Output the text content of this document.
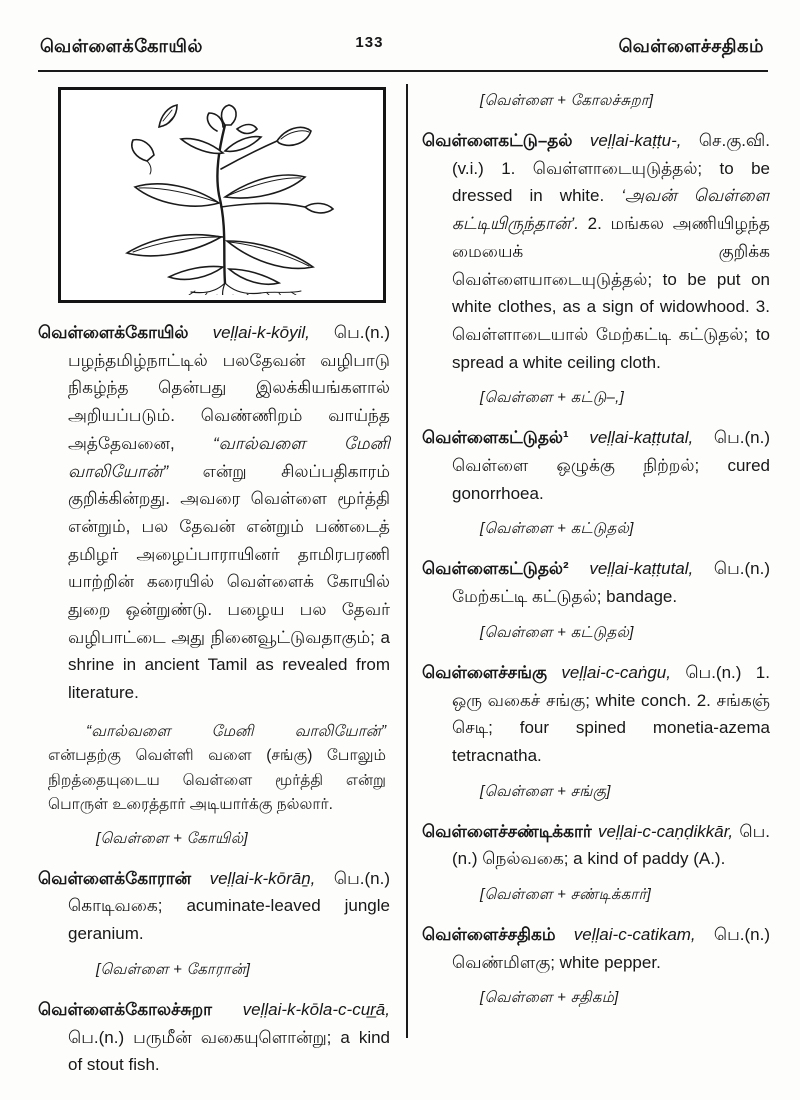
வெள்ளைக்கோயில்	133	வெள்ளைச்சதிகம்

வெள்ளைக்கோயில் veḷḷai-k-kōyil, பெ.(n.) பழந்தமிழ்நாட்டில் பலதேவன் வழிபாடு நிகழ்ந்த தென்பது இலக்கியங்களால் அறியப்படும். வெண்ணிறம் வாய்ந்த அத்தேவனை, “வால்வளை மேனி வாலியோன்” என்று சிலப்பதிகாரம் குறிக்கின்றது. அவரை வெள்ளை மூர்த்தி என்றும், பல தேவன் என்றும் பண்டைத் தமிழர் அழைப்பாராயினர் தாமிரபரணி யாற்றின் கரையில் வெள்ளைக் கோயில் துறை ஒன்றுண்டு. பழைய பல தேவர் வழிபாட்டை அது நினைவூட்டுவதாகும்; a shrine in ancient Tamil as revealed from literature.

“வால்வளை மேனி வாலியோன்” என்பதற்கு வெள்ளி வளை (சங்கு) போலும் நிறத்தையுடைய வெள்ளை மூர்த்தி என்று பொருள் உரைத்தார் அடியார்க்கு நல்லார்.

[வெள்ளை + கோயில்]

வெள்ளைக்கோரான் veḷḷai-k-kōrāṉ, பெ.(n.) கொடிவகை; acuminate-leaved jungle geranium.

[வெள்ளை + கோரான்]

வெள்ளைக்கோலச்சுறா veḷḷai-k-kōla-c-cur̲ā, பெ.(n.) பருமீன் வகையுளொன்று; a kind of stout fish.

[வெள்ளை + கோலச்சுறா]

வெள்ளைகட்டு–தல் veḷḷai-kaṭṭu-, செ.கு.வி. (v.i.) 1. வெள்ளாடையுடுத்தல்; to be dressed in white. ‘அவன் வெள்ளை கட்டியிருந்தான்’. 2. மங்கல அணியிழந்த மையைக் குறிக்க வெள்ளையாடையுடுத்தல்; to be put on white clothes, as a sign of widowhood. 3. வெள்ளாடையால் மேற்கட்டி கட்டுதல்; to spread a white ceiling cloth.

[வெள்ளை + கட்டு–,]

வெள்ளைகட்டுதல்¹ veḷḷai-kaṭṭutal, பெ.(n.) வெள்ளை ஒழுக்கு நிற்றல்; cured gonorrhoea.

[வெள்ளை + கட்டுதல்]

வெள்ளைகட்டுதல்² veḷḷai-kaṭṭutal, பெ.(n.) மேற்கட்டி கட்டுதல்; bandage.

[வெள்ளை + கட்டுதல்]

வெள்ளைச்சங்கு veḷḷai-c-caṅgu, பெ.(n.) 1. ஒரு வகைச் சங்கு; white conch. 2. சங்கஞ் செடி; four spined monetia-azema tetracnatha.

[வெள்ளை + சங்கு]

வெள்ளைச்சண்டிக்கார் veḷḷai-c-caṇḍikkār, பெ.(n.) நெல்வகை; a kind of paddy (A.).

[வெள்ளை + சண்டிக்கார்]

வெள்ளைச்சதிகம் veḷḷai-c-catikam, பெ.(n.) வெண்மிளகு; white pepper.

[வெள்ளை + சதிகம்]
